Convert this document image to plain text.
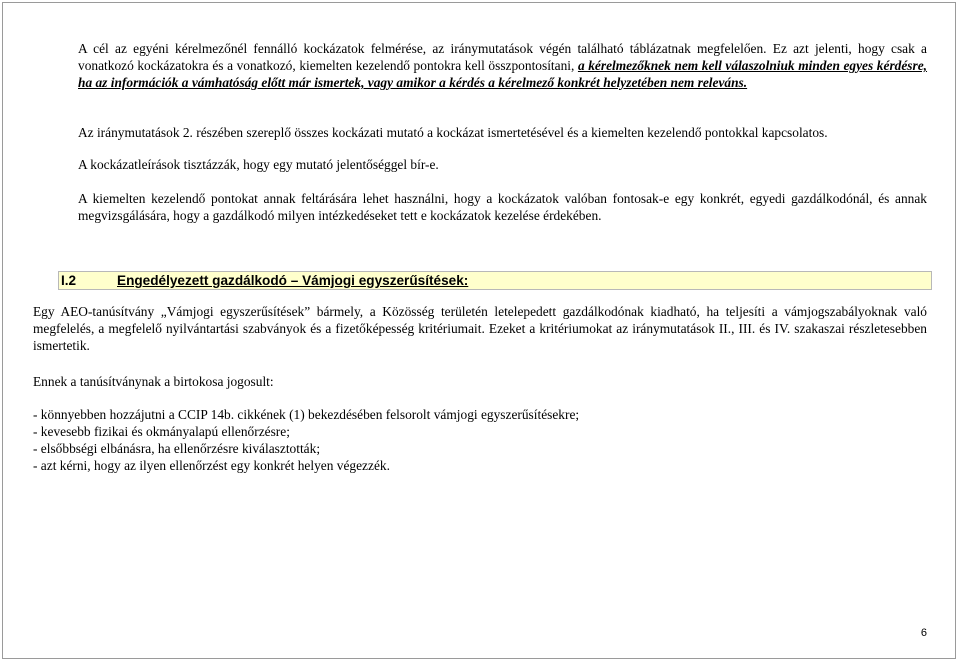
A cél az egyéni kérelmezőnél fennálló kockázatok felmérése, az iránymutatások végén található táblázatnak megfelelően. Ez azt jelenti, hogy csak a vonatkozó kockázatokra és a vonatkozó, kiemelten kezelendő pontokra kell összpontosítani, a kérelmezőknek nem kell válaszolniuk minden egyes kérdésre, ha az információk a vámhatóság előtt már ismertek, vagy amikor a kérdés a kérelmező konkrét helyzetében nem releváns.

Az iránymutatások 2. részében szereplő összes kockázati mutató a kockázat ismertetésével és a kiemelten kezelendő pontokkal kapcsolatos.

A kockázatleírások tisztázzák, hogy egy mutató jelentőséggel bír-e.

A kiemelten kezelendő pontokat annak feltárására lehet használni, hogy a kockázatok valóban fontosak-e egy konkrét, egyedi gazdálkodónál, és annak megvizsgálására, hogy a gazdálkodó milyen intézkedéseket tett e kockázatok kezelése érdekében.

I.2	Engedélyezett gazdálkodó – Vámjogi egyszerűsítések:

Egy AEO-tanúsítvány „Vámjogi egyszerűsítések” bármely, a Közösség területén letelepedett gazdálkodónak kiadható, ha teljesíti a vámjogszabályoknak való megfelelés, a megfelelő nyilvántartási szabványok és a fizetőképesség kritériumait. Ezeket a kritériumokat az iránymutatások II., III. és IV. szakaszai részletesebben ismertetik.

Ennek a tanúsítványnak a birtokosa jogosult:

- könnyebben hozzájutni a CCIP 14b. cikkének (1) bekezdésében felsorolt vámjogi egyszerűsítésekre;
- kevesebb fizikai és okmányalapú ellenőrzésre;
- elsőbbségi elbánásra, ha ellenőrzésre kiválasztották;
- azt kérni, hogy az ilyen ellenőrzést egy konkrét helyen végezzék.
6
